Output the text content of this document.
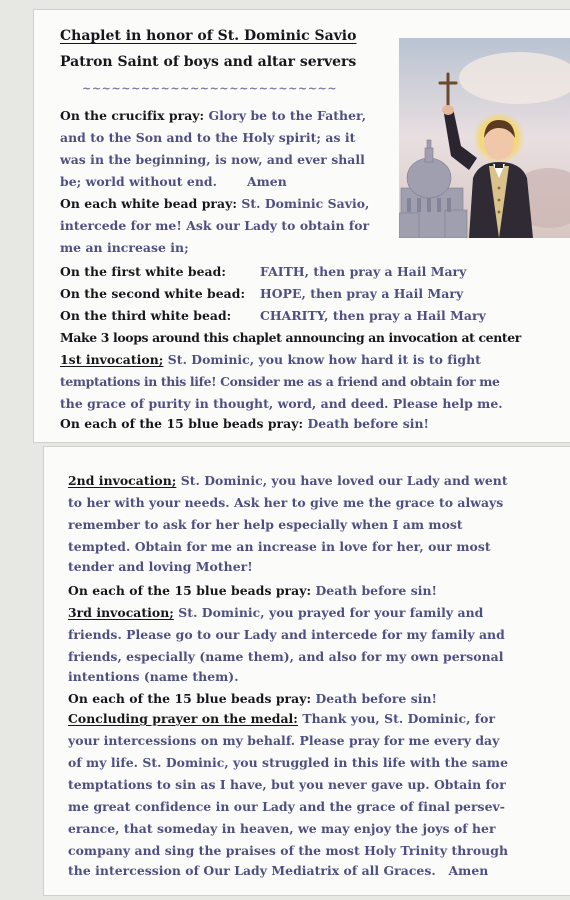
Chaplet in honor of St. Dominic Savio
Patron Saint of boys and altar servers
~~~~~~~~~~~~~~~~~~~~~~~~~~
On the crucifix pray: Glory be to the Father,
and to the Son and to the Holy spirit; as it
was in the beginning, is now, and ever shall
be; world without end. Amen
On each white bead pray: St. Dominic Savio,
intercede for me! Ask our Lady to obtain for
me an increase in;
On the first white bead:	FAITH, then pray a Hail Mary
On the second white bead: HOPE, then pray a Hail Mary
On the third white bead: CHARITY, then pray a Hail Mary
Make 3 loops around this chaplet announcing an invocation at center
1st invocation; St. Dominic, you know how hard it is to fight
temptations in this life! Consider me as a friend and obtain for me
the grace of purity in thought, word, and deed. Please help me.
On each of the 15 blue beads pray: Death before sin!
2nd invocation; St. Dominic, you have loved our Lady and went
to her with your needs. Ask her to give me the grace to always
remember to ask for her help especially when I am most
tempted. Obtain for me an increase in love for her, our most
tender and loving Mother!
On each of the 15 blue beads pray: Death before sin!
3rd invocation; St. Dominic, you prayed for your family and
friends. Please go to our Lady and intercede for my family and
friends, especially (name them), and also for my own personal
intentions (name them).
On each of the 15 blue beads pray: Death before sin!
Concluding prayer on the medal: Thank you, St. Dominic, for
your intercessions on my behalf. Please pray for me every day
of my life. St. Dominic, you struggled in this life with the same
temptations to sin as I have, but you never gave up. Obtain for
me great confidence in our Lady and the grace of final persev-
erance, that someday in heaven, we may enjoy the joys of her
company and sing the praises of the most Holy Trinity through
the intercession of Our Lady Mediatrix of all Graces. Amen
